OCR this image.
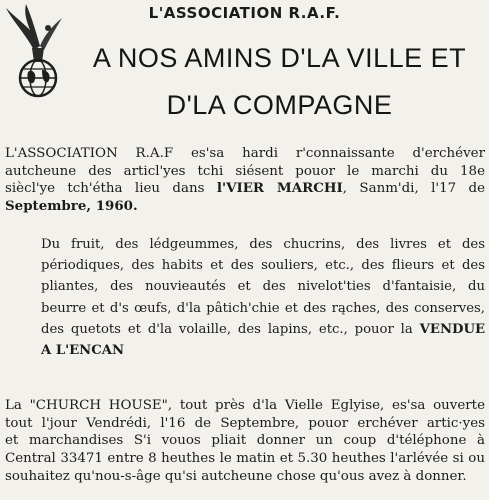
L'ASSOCIATION R.A.F.
A NOS AMINS D'LA VILLE ET
D'LA COMPAGNE
L'ASSOCIATION R.A.F es'sa hardi r'connaissante d'erchéver
autcheune des articl'yes tchi siésent pouor le marchi du 18e
siècl'ye tch'étha lieu dans l'VIER MARCHI, Sanm'di, l'17 de
Septembre, 1960.
Du fruit, des lédgeummes, des chucrins, des livres et des
périodiques, des habits et des souliers, etc., des flieurs et des
pliantes, des nouvieautés et des nivelot'ties d'fantaisie, du
beurre et d's œufs, d'la pâtich'chie et des rąches, des conserves,
des quetots et d'la volaille, des lapins, etc., pouor la VENDUE
A L'ENCAN
La "CHURCH HOUSE", tout près d'la Vielle Eglyise, es'sa ouverte
tout l'jour Vendrédi, l'16 de Septembre, pouor erchéver artic·yes
et marchandises S'i vouos pliait donner un coup d'téléphone à
Central 33471 entre 8 heuthes le matin et 5.30 heuthes l'arlévée si ou
souhaitez qu'nou-s-âge qu'si autcheune chose qu'ous avez à donner.
